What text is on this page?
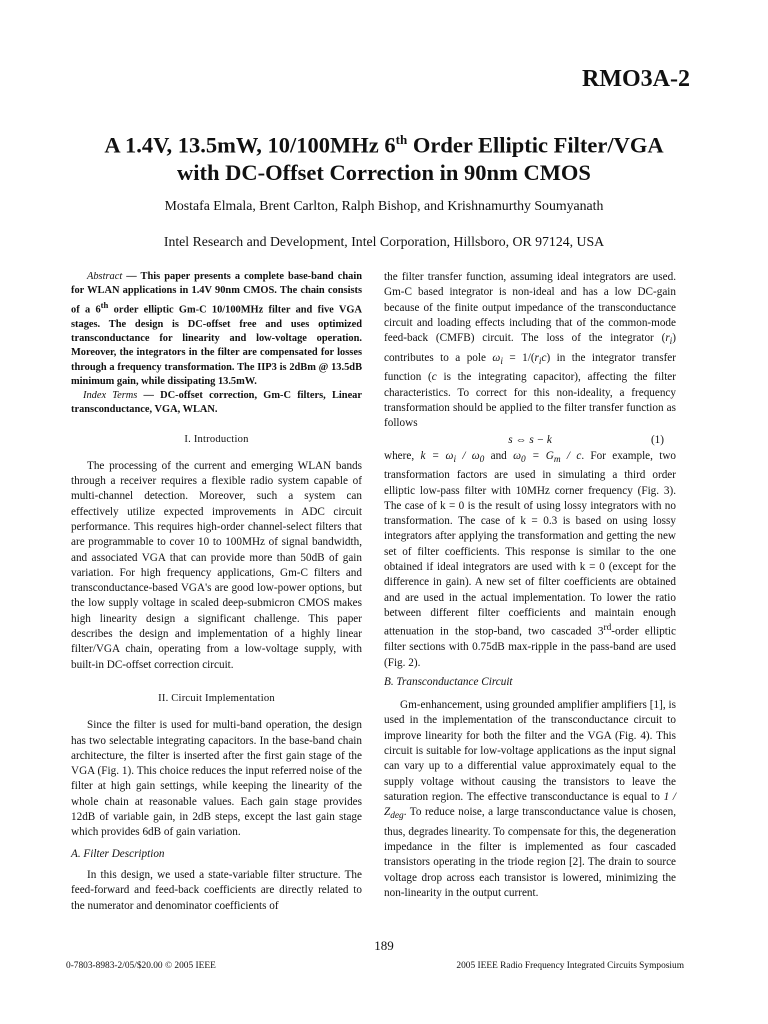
RMO3A-2
A 1.4V, 13.5mW, 10/100MHz 6th Order Elliptic Filter/VGA
with DC-Offset Correction in 90nm CMOS
Mostafa Elmala, Brent Carlton, Ralph Bishop, and Krishnamurthy Soumyanath
Intel Research and Development, Intel Corporation, Hillsboro, OR 97124, USA

Abstract — This paper presents a complete base-band chain for WLAN applications in 1.4V 90nm CMOS. The chain consists of a 6th order elliptic Gm-C 10/100MHz filter and five VGA stages. The design is DC-offset free and uses optimized transconductance for linearity and low-voltage operation. Moreover, the integrators in the filter are compensated for losses through a frequency transformation. The IIP3 is 2dBm @ 13.5dB minimum gain, while dissipating 13.5mW.

Index Terms — DC-offset correction, Gm-C filters, Linear transconductance, VGA, WLAN.

I. Introduction

The processing of the current and emerging WLAN bands through a receiver requires a flexible radio system capable of multi-channel detection. Moreover, such a system can effectively utilize expected improvements in ADC circuit performance. This requires high-order channel-select filters that are programmable to cover 10 to 100MHz of signal bandwidth, and associated VGA that can provide more than 50dB of gain variation. For high frequency applications, Gm-C filters and transconductance-based VGA's are good low-power options, but the low supply voltage in scaled deep-submicron CMOS makes high linearity design a significant challenge. This paper describes the design and implementation of a highly linear filter/VGA chain, operating from a low-voltage supply, with built-in DC-offset correction circuit.

II. Circuit Implementation

Since the filter is used for multi-band operation, the design has two selectable integrating capacitors. In the base-band chain architecture, the filter is inserted after the first gain stage of the VGA (Fig. 1). This choice reduces the input referred noise of the filter at high gain settings, while keeping the linearity of the whole chain at reasonable values. Each gain stage provides 12dB of variable gain, in 2dB steps, except the last gain stage which provides 6dB of gain variation.

A. Filter Description

In this design, we used a state-variable filter structure. The feed-forward and feed-back coefficients are directly related to the numerator and denominator coefficients of

the filter transfer function, assuming ideal integrators are used. Gm-C based integrator is non-ideal and has a low DC-gain because of the finite output impedance of the transconductance circuit and loading effects including that of the common-mode feed-back (CMFB) circuit. The loss of the integrator $(r_i)$ contributes to a pole $\omega_i = 1/(r_ic)$ in the integrator transfer function (c is the integrating capacitor), affecting the filter characteristics. To correct for this non-ideality, a frequency transformation should be applied to the filter transfer function as follows

s ⇔ s − k	(1)

where, $k = \omega_i / \omega_0$ and $\omega_0 = G_m / c$. For example, two transformation factors are used in simulating a third order elliptic low-pass filter with 10MHz corner frequency (Fig. 3). The case of k = 0 is the result of using lossy integrators with no transformation. The case of k = 0.3 is based on using lossy integrators after applying the transformation and getting the new set of filter coefficients. This response is similar to the one obtained if ideal integrators are used with k = 0 (except for the difference in gain). A new set of filter coefficients are obtained and are used in the actual implementation. To lower the ratio between different filter coefficients and maintain enough attenuation in the stop-band, two cascaded 3rd-order elliptic filter sections with 0.75dB max-ripple in the pass-band are used (Fig. 2).

B. Transconductance Circuit

Gm-enhancement, using grounded amplifier amplifiers [1], is used in the implementation of the transconductance circuit to improve linearity for both the filter and the VGA (Fig. 4). This circuit is suitable for low-voltage applications as the input signal can vary up to a differential value approximately equal to the supply voltage without causing the transistors to leave the saturation region. The effective transconductance is equal to $1 / Z_{deg}$. To reduce noise, a large transconductance value is chosen, thus, degrades linearity. To compensate for this, the degeneration impedance in the filter is implemented as four cascaded transistors operating in the triode region [2]. The drain to source voltage drop across each transistor is lowered, minimizing the non-linearity in the output current.

189
0-7803-8983-2/05/$20.00 © 2005 IEEE	2005 IEEE Radio Frequency Integrated Circuits Symposium
